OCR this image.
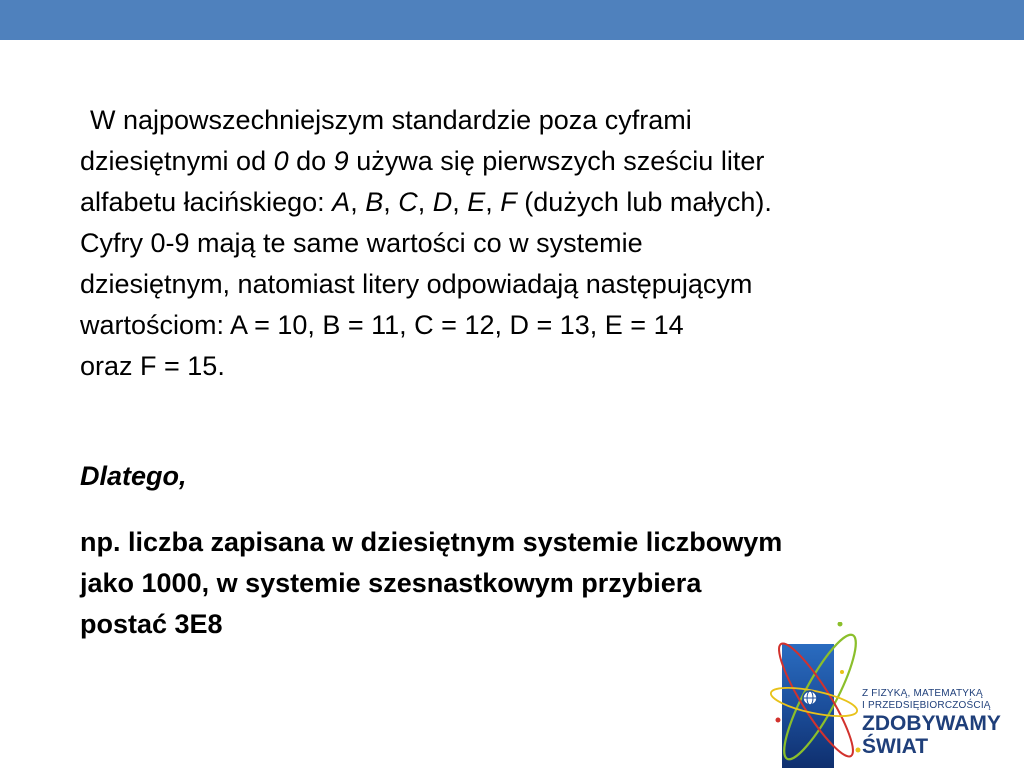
W najpowszechniejszym standardzie poza cyframi
dziesiętnymi od 0 do 9 używa się pierwszych sześciu liter
alfabetu łacińskiego: A, B, C, D, E, F (dużych lub małych).
Cyfry 0-9 mają te same wartości co w systemie
dziesiętnym, natomiast litery odpowiadają następującym
wartościom: A = 10, B = 11, C = 12, D = 13, E = 14
oraz F = 15.

Dlatego,

np. liczba zapisana w dziesiętnym systemie liczbowym
jako 1000, w systemie szesnastkowym przybiera
postać 3E8

Z FIZYKĄ, MATEMATYKĄ
I PRZEDSIĘBIORCZOŚCIĄ
ZDOBYWAMY
ŚWIAT
